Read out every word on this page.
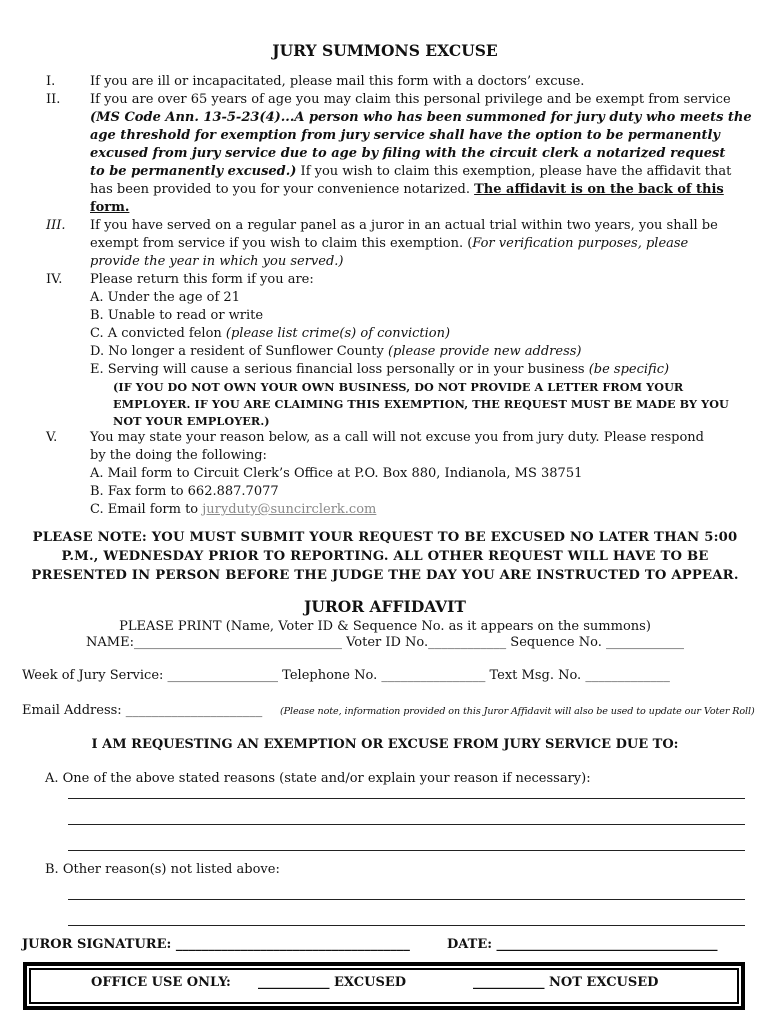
JURY SUMMONS EXCUSE
I.	If you are ill or incapacitated, please mail this form with a doctors’ excuse.
II. If you are over 65 years of age you may claim this personal privilege and be exempt from service
(MS Code Ann. 13-5-23(4)...A person who has been summoned for jury duty who meets the
age threshold for exemption from jury service shall have the option to be permanently
excused from jury service due to age by filing with the circuit clerk a notarized request
to be permanently excused.) If you wish to claim this exemption, please have the affidavit that
has been provided to you for your convenience notarized. The affidavit is on the back of this
form.
III. If you have served on a regular panel as a juror in an actual trial within two years, you shall be
exempt from service if you wish to claim this exemption. (For verification purposes, please
provide the year in which you served.)
IV. Please return this form if you are:
A. Under the age of 21
B. Unable to read or write
C. A convicted felon (please list crime(s) of conviction)
D. No longer a resident of Sunflower County (please provide new address)
E. Serving will cause a serious financial loss personally or in your business (be specific)
(IF YOU DO NOT OWN YOUR OWN BUSINESS, DO NOT PROVIDE A LETTER FROM YOUR
EMPLOYER. IF YOU ARE CLAIMING THIS EXEMPTION, THE REQUEST MUST BE MADE BY YOU
NOT YOUR EMPLOYER.)
V.	You may state your reason below, as a call will not excuse you from jury duty. Please respond
by the doing the following:
A. Mail form to Circuit Clerk’s Office at P.O. Box 880, Indianola, MS 38751
B. Fax form to 662.887.7077
C. Email form to juryduty@suncirclerk.com
PLEASE NOTE: YOU MUST SUBMIT YOUR REQUEST TO BE EXCUSED NO LATER THAN 5:00
P.M., WEDNESDAY PRIOR TO REPORTING. ALL OTHER REQUEST WILL HAVE TO BE
PRESENTED IN PERSON BEFORE THE JUDGE THE DAY YOU ARE INSTRUCTED TO APPEAR.
JUROR AFFIDAVIT
PLEASE PRINT (Name, Voter ID & Sequence No. as it appears on the summons)
NAME:________________________________ Voter ID No.____________ Sequence No. ____________
Week of Jury Service: _________________ Telephone No. ________________ Text Msg. No. _____________
Email Address: _____________________ (Please note, information provided on this Juror Affidavit will also be used to update our Voter Roll)
I AM REQUESTING AN EXEMPTION OR EXCUSE FROM JURY SERVICE DUE TO:
A. One of the above stated reasons (state and/or explain your reason if necessary):
B. Other reason(s) not listed above:
JUROR SIGNATURE: ____________________________________	DATE: __________________________________
OFFICE USE ONLY: ___________ EXCUSED	___________ NOT EXCUSED
